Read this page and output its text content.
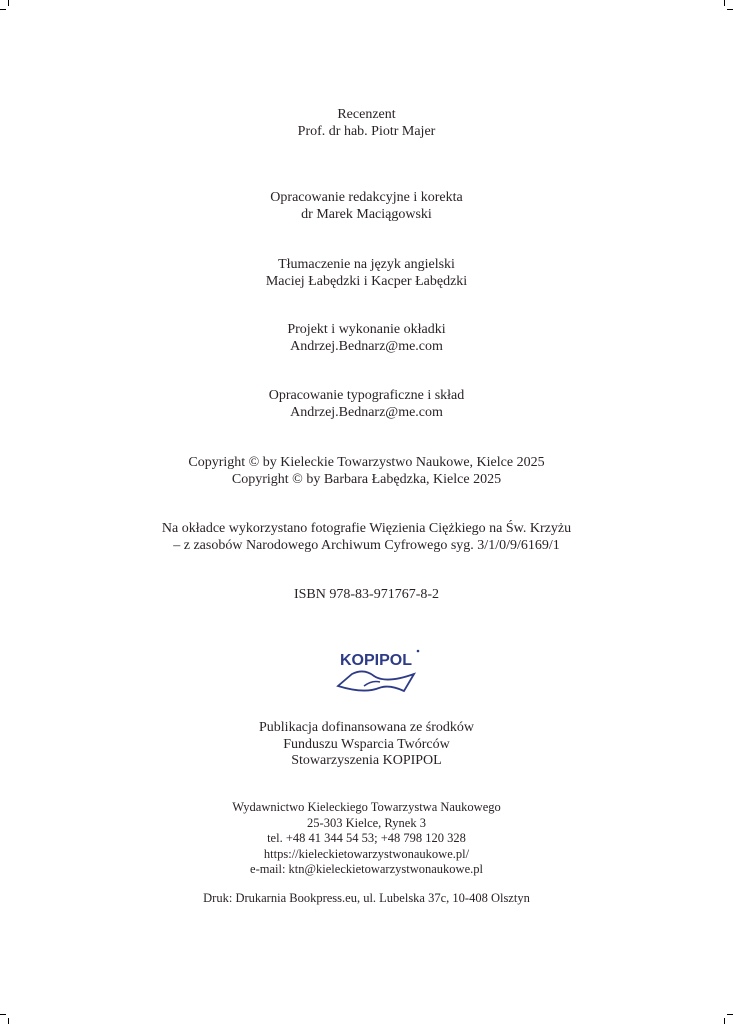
Recenzent
Prof. dr hab. Piotr Majer
Opracowanie redakcyjne i korekta
dr Marek Maciągowski
Tłumaczenie na język angielski
Maciej Łabędzki i Kacper Łabędzki
Projekt i wykonanie okładki
Andrzej.Bednarz@me.com
Opracowanie typograficzne i skład
Andrzej.Bednarz@me.com
Copyright © by Kieleckie Towarzystwo Naukowe, Kielce 2025
Copyright © by Barbara Łabędzka, Kielce 2025
Na okładce wykorzystano fotografie Więzienia Ciężkiego na Św. Krzyżu
– z zasobów Narodowego Archiwum Cyfrowego syg. 3/1/0/9/6169/1
ISBN 978-83-971767-8-2
KOPIPOL
Publikacja dofinansowana ze środków
Funduszu Wsparcia Twórców
Stowarzyszenia KOPIPOL
Wydawnictwo Kieleckiego Towarzystwa Naukowego
25-303 Kielce, Rynek 3
tel. +48 41 344 54 53; +48 798 120 328
https://kieleckietowarzystwonaukowe.pl/
e-mail: ktn@kieleckietowarzystwonaukowe.pl
Druk: Drukarnia Bookpress.eu, ul. Lubelska 37c, 10-408 Olsztyn
